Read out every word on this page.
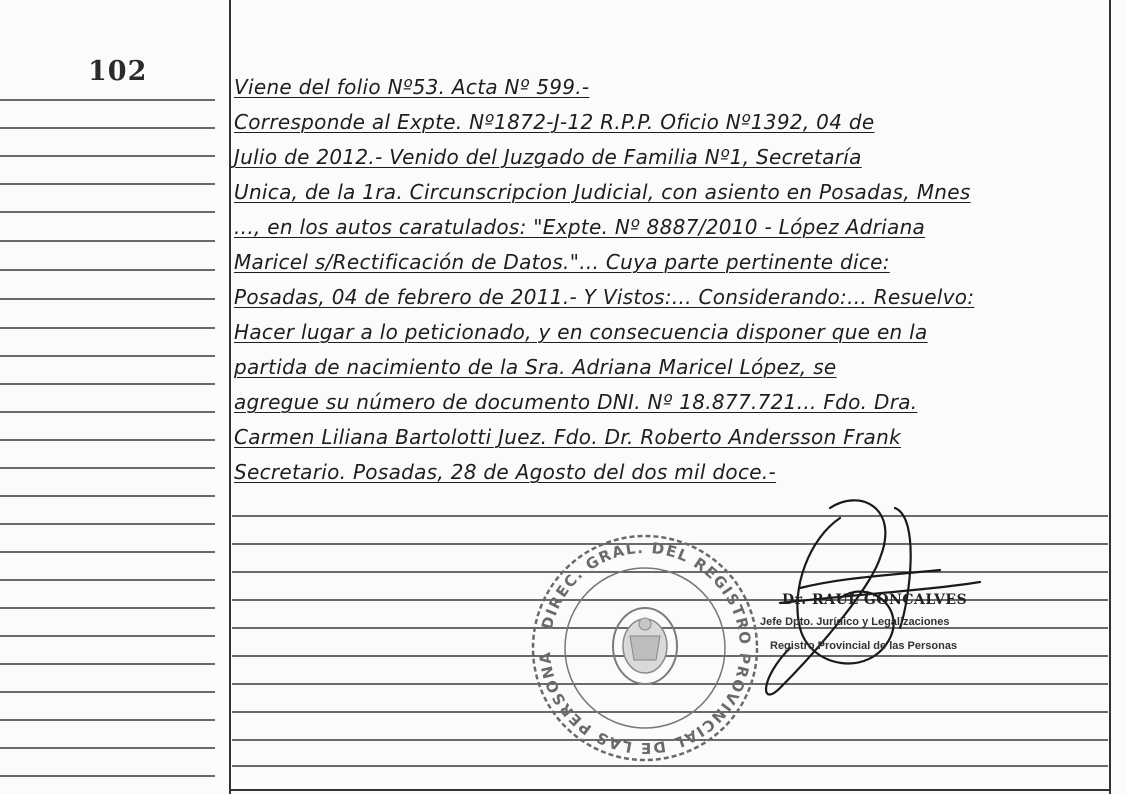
102	Viene del folio Nº53. Acta Nº 599.-
Corresponde al Expte. Nº1872-J-12 R.P.P. Oficio Nº1392, 04 de
Julio de 2012.- Venido del Juzgado de Familia Nº1, Secretaría
Unica, de la 1ra. Circunscripcion Judicial, con asiento en Posadas, Mnes
..., en los autos caratulados: "Expte. Nº 8887/2010 - López Adriana
Maricel s/Rectificación de Datos."... Cuya parte pertinente dice:
Posadas, 04 de febrero de 2011.- Y Vistos:... Considerando:... Resuelvo:
Hacer lugar a lo peticionado, y en consecuencia disponer que en la
partida de nacimiento de la Sra. Adriana Maricel López, se
agregue su número de documento DNI. Nº 18.877.721... Fdo. Dra.
Carmen Liliana Bartolotti Juez. Fdo. Dr. Roberto Andersson Frank
Secretario. Posadas, 28 de Agosto del dos mil doce.-
DIREC. GRAL. DEL REGISTRO PROVINCIAL DE LAS PERSONA
Dr. RAUL GONCALVES
Jefe Dpto. Jurídico y Legalizaciones
Registro Provincial de las Personas
